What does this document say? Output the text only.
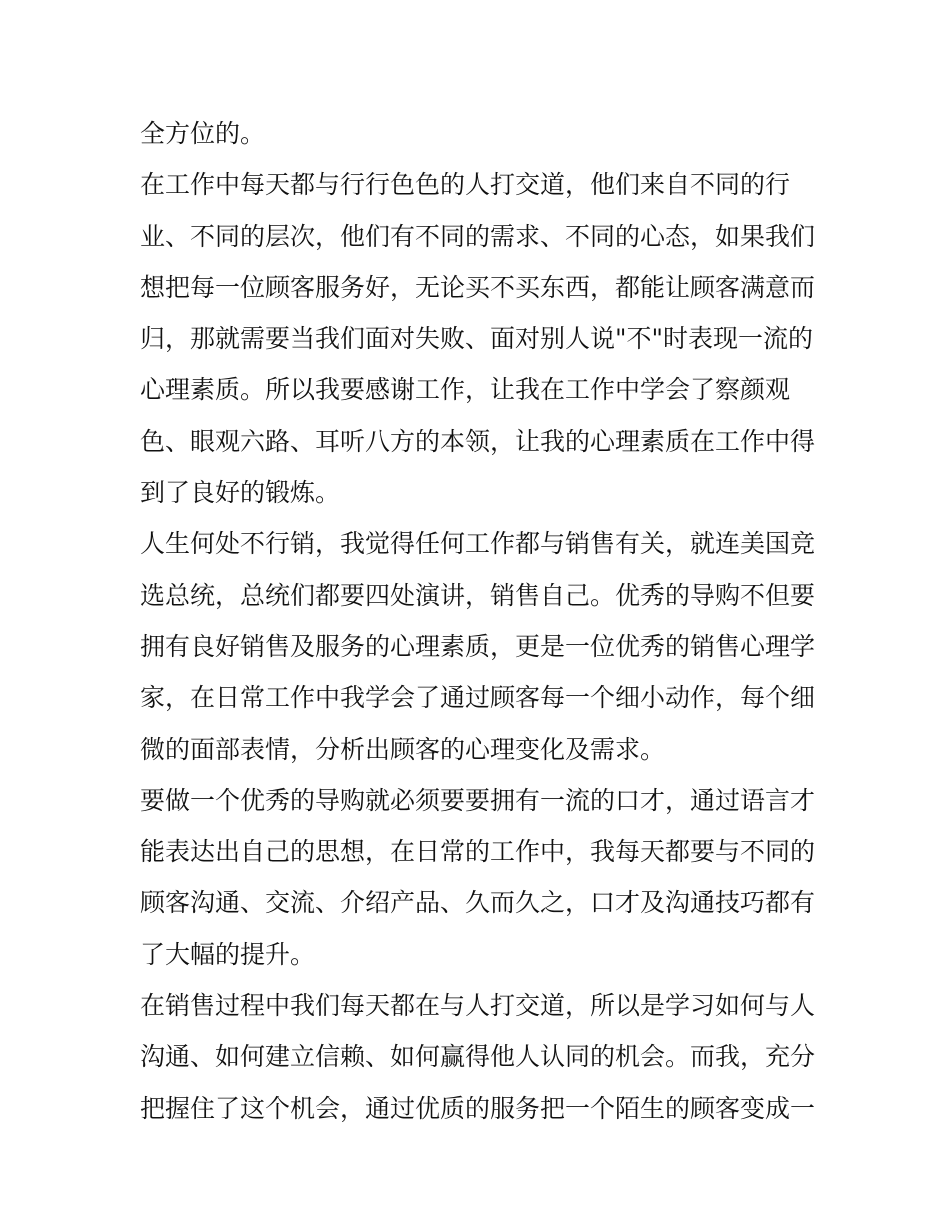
全方位的。
在工作中每天都与行行色色的人打交道，他们来自不同的行
业、不同的层次，他们有不同的需求、不同的心态，如果我们
想把每一位顾客服务好，无论买不买东西，都能让顾客满意而
归，那就需要当我们面对失败、面对别人说"不"时表现一流的
心理素质。所以我要感谢工作，让我在工作中学会了察颜观
色、眼观六路、耳听八方的本领，让我的心理素质在工作中得
到了良好的锻炼。
人生何处不行销，我觉得任何工作都与销售有关，就连美国竞
选总统，总统们都要四处演讲，销售自己。优秀的导购不但要
拥有良好销售及服务的心理素质，更是一位优秀的销售心理学
家，在日常工作中我学会了通过顾客每一个细小动作，每个细
微的面部表情，分析出顾客的心理变化及需求。
要做一个优秀的导购就必须要要拥有一流的口才，通过语言才
能表达出自己的思想，在日常的工作中，我每天都要与不同的
顾客沟通、交流、介绍产品、久而久之，口才及沟通技巧都有
了大幅的提升。
在销售过程中我们每天都在与人打交道，所以是学习如何与人
沟通、如何建立信赖、如何赢得他人认同的机会。而我，充分
把握住了这个机会，通过优质的服务把一个陌生的顾客变成一
